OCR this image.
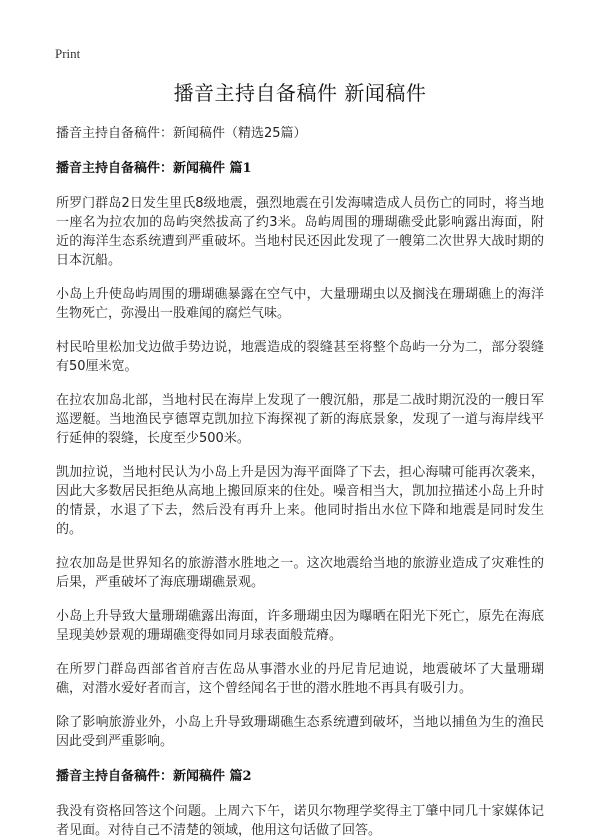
Print
播音主持自备稿件 新闻稿件

播音主持自备稿件：新闻稿件（精选25篇）

播音主持自备稿件：新闻稿件 篇1

所罗门群岛2日发生里氏8级地震，强烈地震在引发海啸造成人员伤亡的同时，将当地一座名为拉农加的岛屿突然拔高了约3米。岛屿周围的珊瑚礁受此影响露出海面，附近的海洋生态系统遭到严重破坏。当地村民还因此发现了一艘第二次世界大战时期的日本沉船。

小岛上升使岛屿周围的珊瑚礁暴露在空气中，大量珊瑚虫以及搁浅在珊瑚礁上的海洋生物死亡，弥漫出一股难闻的腐烂气味。

村民哈里松加戈边做手势边说，地震造成的裂缝甚至将整个岛屿一分为二，部分裂缝有50厘米宽。

在拉农加岛北部，当地村民在海岸上发现了一艘沉船，那是二战时期沉没的一艘日军巡逻艇。当地渔民亨德罩克凯加拉下海探视了新的海底景象，发现了一道与海岸线平行延伸的裂缝，长度至少500米。

凯加拉说，当地村民认为小岛上升是因为海平面降了下去，担心海啸可能再次袭来，因此大多数居民拒绝从高地上搬回原来的住处。噪音相当大，凯加拉描述小岛上升时的情景，水退了下去，然后没有再升上来。他同时指出水位下降和地震是同时发生的。

拉农加岛是世界知名的旅游潜水胜地之一。这次地震给当地的旅游业造成了灾难性的后果，严重破坏了海底珊瑚礁景观。

小岛上升导致大量珊瑚礁露出海面，许多珊瑚虫因为曝晒在阳光下死亡，原先在海底呈现美妙景观的珊瑚礁变得如同月球表面般荒瘠。

在所罗门群岛西部省首府吉佐岛从事潜水业的丹尼肯尼迪说，地震破坏了大量珊瑚礁，对潜水爱好者而言，这个曾经闻名于世的潜水胜地不再具有吸引力。

除了影响旅游业外，小岛上升导致珊瑚礁生态系统遭到破坏，当地以捕鱼为生的渔民因此受到严重影响。

播音主持自备稿件：新闻稿件 篇2

我没有资格回答这个问题。上周六下午，诺贝尔物理学奖得主丁肇中同几十家媒体记者见面。对待自己不清楚的领域，他用这句话做了回答。
